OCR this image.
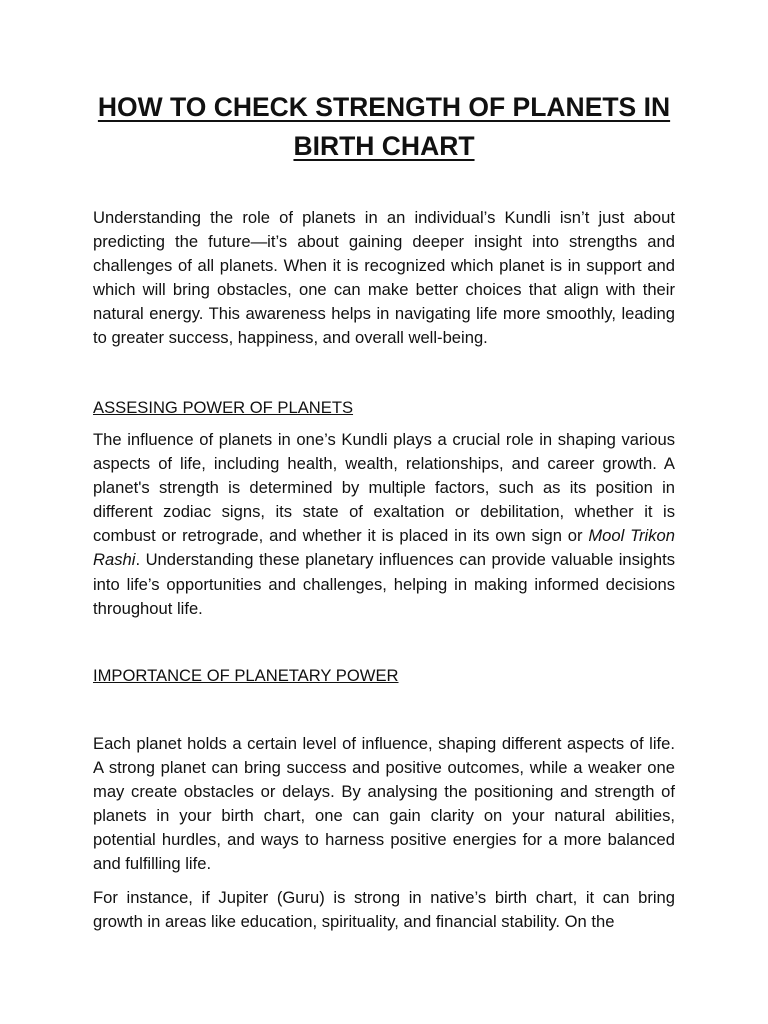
HOW TO CHECK STRENGTH OF PLANETS IN BIRTH CHART

Understanding the role of planets in an individual’s Kundli isn’t just about predicting the future—it’s about gaining deeper insight into strengths and challenges of all planets. When it is recognized which planet is in support and which will bring obstacles, one can make better choices that align with their natural energy. This awareness helps in navigating life more smoothly, leading to greater success, happiness, and overall well-being.

ASSESING POWER OF PLANETS

The influence of planets in one’s Kundli plays a crucial role in shaping various aspects of life, including health, wealth, relationships, and career growth. A planet's strength is determined by multiple factors, such as its position in different zodiac signs, its state of exaltation or debilitation, whether it is combust or retrograde, and whether it is placed in its own sign or Mool Trikon Rashi. Understanding these planetary influences can provide valuable insights into life’s opportunities and challenges, helping in making informed decisions throughout life.

IMPORTANCE OF PLANETARY POWER

Each planet holds a certain level of influence, shaping different aspects of life. A strong planet can bring success and positive outcomes, while a weaker one may create obstacles or delays. By analysing the positioning and strength of planets in your birth chart, one can gain clarity on your natural abilities, potential hurdles, and ways to harness positive energies for a more balanced and fulfilling life.

For instance, if Jupiter (Guru) is strong in native’s birth chart, it can bring growth in areas like education, spirituality, and financial stability. On the
